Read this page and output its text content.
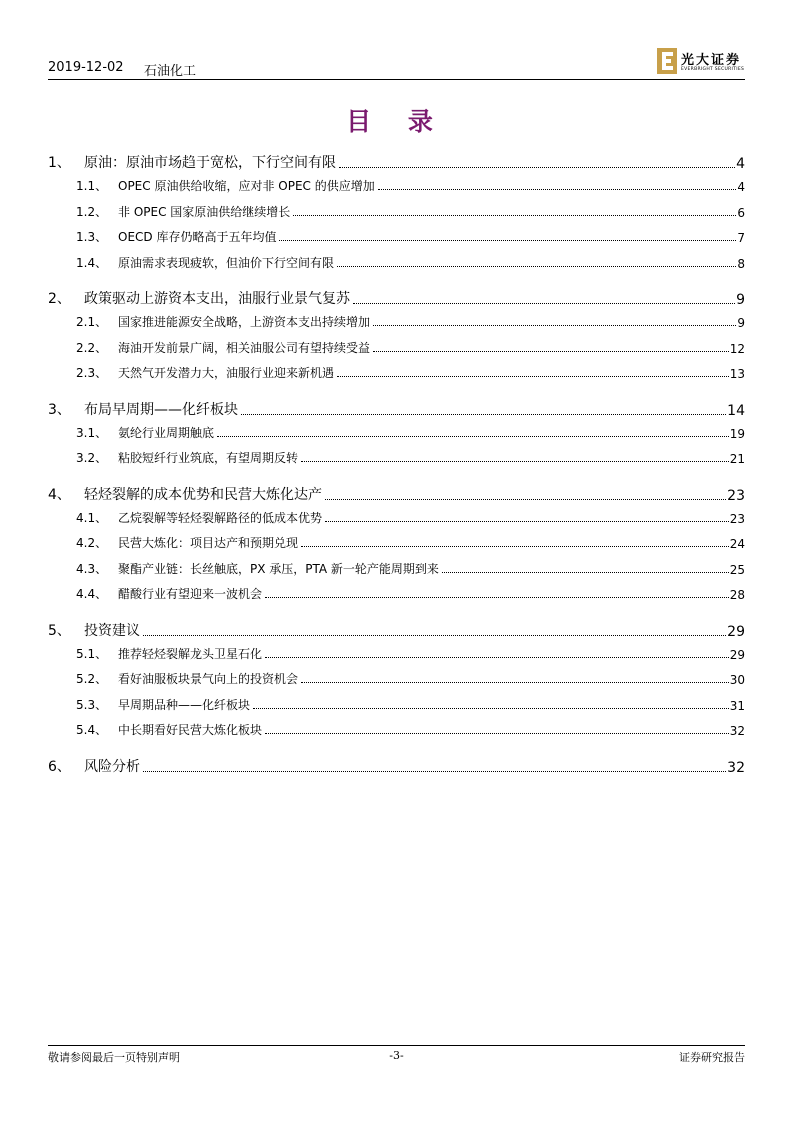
2019-12-02 石油化工
光大证券
EVERBRIGHT SECURITIES
目 录
1、 原油：原油市场趋于宽松，下行空间有限	4
1.1、 OPEC 原油供给收缩，应对非 OPEC 的供应增加	4
1.2、 非 OPEC 国家原油供给继续增长	6
1.3、 OECD 库存仍略高于五年均值	7
1.4、 原油需求表现疲软，但油价下行空间有限	8
2、 政策驱动上游资本支出，油服行业景气复苏	9
2.1、 国家推进能源安全战略，上游资本支出持续增加	9
2.2、 海油开发前景广阔，相关油服公司有望持续受益	12
2.3、 天然气开发潜力大，油服行业迎来新机遇	13
3、 布局早周期——化纤板块	14
3.1、 氨纶行业周期触底	19
3.2、 粘胶短纤行业筑底，有望周期反转	21
4、 轻烃裂解的成本优势和民营大炼化达产	23
4.1、 乙烷裂解等轻烃裂解路径的低成本优势	23
4.2、 民营大炼化：项目达产和预期兑现	24
4.3、 聚酯产业链：长丝触底，PX 承压，PTA 新一轮产能周期到来	25
4.4、 醋酸行业有望迎来一波机会	28
5、 投资建议	29
5.1、 推荐轻烃裂解龙头卫星石化	29
5.2、 看好油服板块景气向上的投资机会	30
5.3、 早周期品种——化纤板块	31
5.4、 中长期看好民营大炼化板块	32
6、 风险分析	32
敬请参阅最后一页特别声明	-3-	证券研究报告
